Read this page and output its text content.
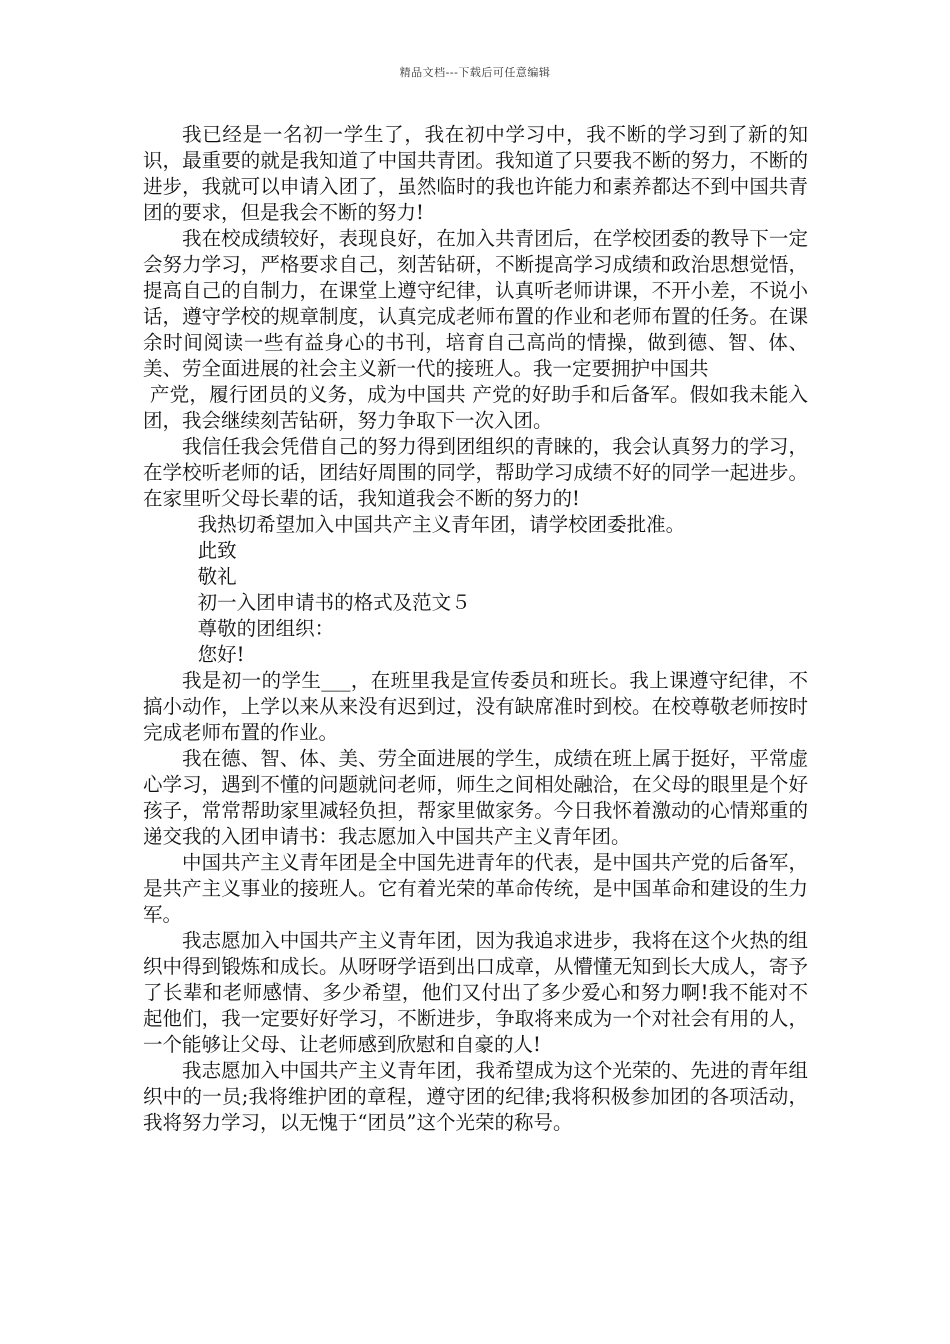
精品文档---下载后可任意编辑

我已经是一名初一学生了，我在初中学习中，我不断的学习到了新的知识，最重要的就是我知道了中国共青团。我知道了只要我不断的努力，不断的进步，我就可以申请入团了，虽然临时的我也许能力和素养都达不到中国共青团的要求，但是我会不断的努力!

我在校成绩较好，表现良好，在加入共青团后，在学校团委的教导下一定会努力学习，严格要求自己，刻苦钻研，不断提高学习成绩和政治思想觉悟，提高自己的自制力，在课堂上遵守纪律，认真听老师讲课，不开小差，不说小话，遵守学校的规章制度，认真完成老师布置的作业和老师布置的任务。在课余时间阅读一些有益身心的书刊，培育自己高尚的情操，做到德、智、体、美、劳全面进展的社会主义新一代的接班人。我一定要拥护中国共

产党，履行团员的义务，成为中国共 产党的好助手和后备军。假如我未能入团，我会继续刻苦钻研，努力争取下一次入团。

我信任我会凭借自己的努力得到团组织的青睐的，我会认真努力的学习，在学校听老师的话，团结好周围的同学，帮助学习成绩不好的同学一起进步。在家里听父母长辈的话，我知道我会不断的努力的!

我热切希望加入中国共产主义青年团，请学校团委批准。

此致

敬礼

初一入团申请书的格式及范文５

尊敬的团组织：

您好!

我是初一的学生___，在班里我是宣传委员和班长。我上课遵守纪律，不搞小动作，上学以来从来没有迟到过，没有缺席准时到校。在校尊敬老师按时完成老师布置的作业。

我在德、智、体、美、劳全面进展的学生，成绩在班上属于挺好，平常虚心学习，遇到不懂的问题就问老师，师生之间相处融洽，在父母的眼里是个好孩子，常常帮助家里减轻负担，帮家里做家务。今日我怀着激动的心情郑重的递交我的入团申请书：我志愿加入中国共产主义青年团。

中国共产主义青年团是全中国先进青年的代表，是中国共产党的后备军，是共产主义事业的接班人。它有着光荣的革命传统，是中国革命和建设的生力军。

我志愿加入中国共产主义青年团，因为我追求进步，我将在这个火热的组织中得到锻炼和成长。从呀呀学语到出口成章，从懵懂无知到长大成人，寄予了长辈和老师感情、多少希望，他们又付出了多少爱心和努力啊!我不能对不起他们，我一定要好好学习，不断进步，争取将来成为一个对社会有用的人，一个能够让父母、让老师感到欣慰和自豪的人!

我志愿加入中国共产主义青年团，我希望成为这个光荣的、先进的青年组织中的一员;我将维护团的章程，遵守团的纪律;我将积极参加团的各项活动，我将努力学习，以无愧于“团员”这个光荣的称号。
